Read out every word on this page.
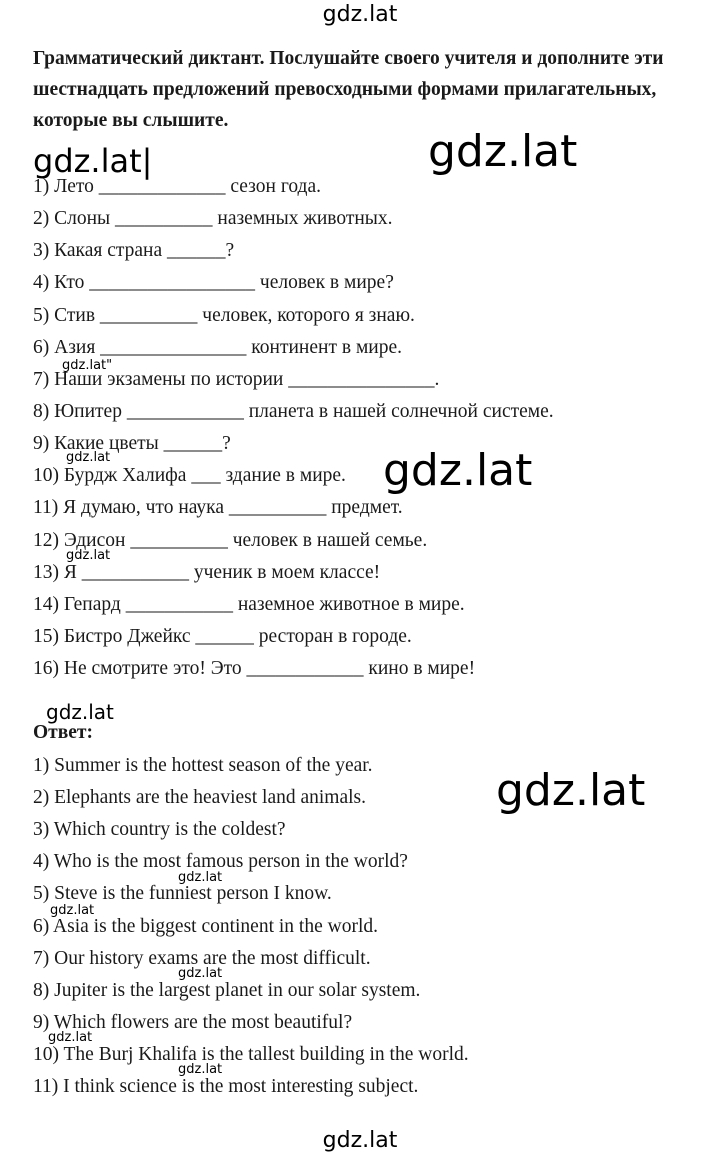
gdz.lat
gdz.lat|	gdz.lat
gdz.lat"
gdz.lat	gdz.lat
gdz.lat
gdz.lat
gdz.lat
gdz.lat
gdz.lat
gdz.lat
gdz.lat
gdz.lat
gdz.lat

Грамматический диктант. Послушайте своего учителя и дополните эти шестнадцать предложений превосходными формами прилагательных, которые вы слышите.

1) Лето _____________ сезон года.
2) Слоны __________ наземных животных.
3) Какая страна ______?
4) Кто _________________ человек в мире?
5) Стив __________ человек, которого я знаю.
6) Азия _______________ континент в мире.
7) Наши экзамены по истории _______________.
8) Юпитер ____________ планета в нашей солнечной системе.
9) Какие цветы ______?
10) Бурдж Халифа ___ здание в мире.
11) Я думаю, что наука __________ предмет.
12) Эдисон __________ человек в нашей семье.
13) Я ___________ ученик в моем классе!
14) Гепард ___________ наземное животное в мире.
15) Бистро Джейкс ______ ресторан в городе.
16) Не смотрите это! Это ____________ кино в мире!
Ответ:
1) Summer is the hottest season of the year.
2) Elephants are the heaviest land animals.
3) Which country is the coldest?
4) Who is the most famous person in the world?
5) Steve is the funniest person I know.
6) Asia is the biggest continent in the world.
7) Our history exams are the most difficult.
8) Jupiter is the largest planet in our solar system.
9) Which flowers are the most beautiful?
10) The Burj Khalifa is the tallest building in the world.
11) I think science is the most interesting subject.
